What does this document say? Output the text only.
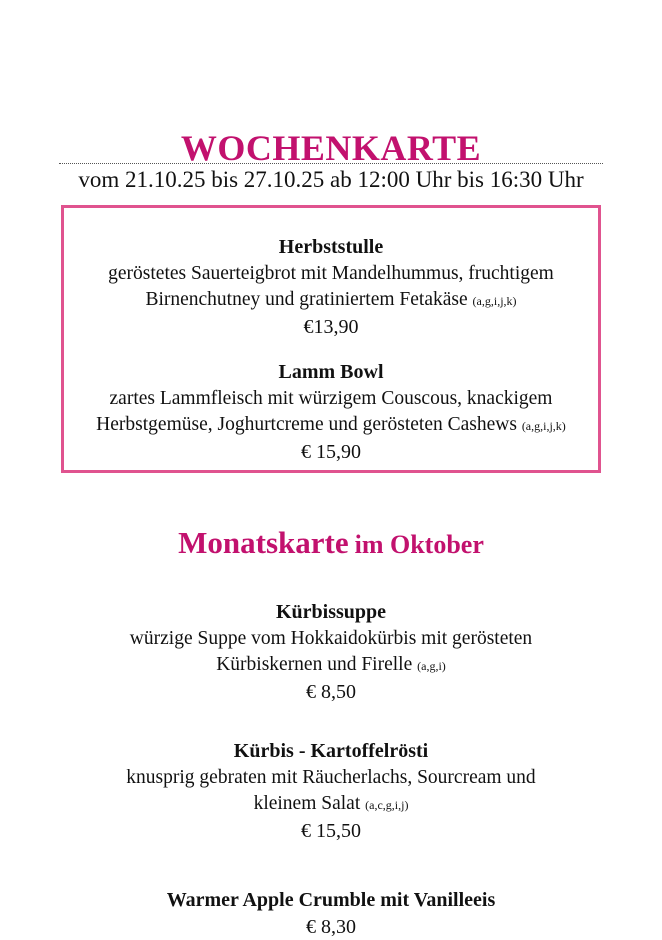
WOCHENKARTE
vom 21.10.25 bis 27.10.25 ab 12:00 Uhr bis 16:30 Uhr
Herbststulle
geröstetes Sauerteigbrot mit Mandelhummus, fruchtigem
Birnenchutney und gratiniertem Fetakäse (a,g,i,j,k)
€13,90
Lamm Bowl
zartes Lammfleisch mit würzigem Couscous, knackigem
Herbstgemüse, Joghurtcreme und gerösteten Cashews (a,g,i,j,k)
€ 15,90
Monatskarte im Oktober
Kürbissuppe
würzige Suppe vom Hokkaidokürbis mit gerösteten
Kürbiskernen und Firelle (a,g,i)
€ 8,50
Kürbis - Kartoffelrösti
knusprig gebraten mit Räucherlachs, Sourcream und
kleinem Salat (a,c,g,i,j)
€ 15,50
Warmer Apple Crumble mit Vanilleeis
€ 8,30
